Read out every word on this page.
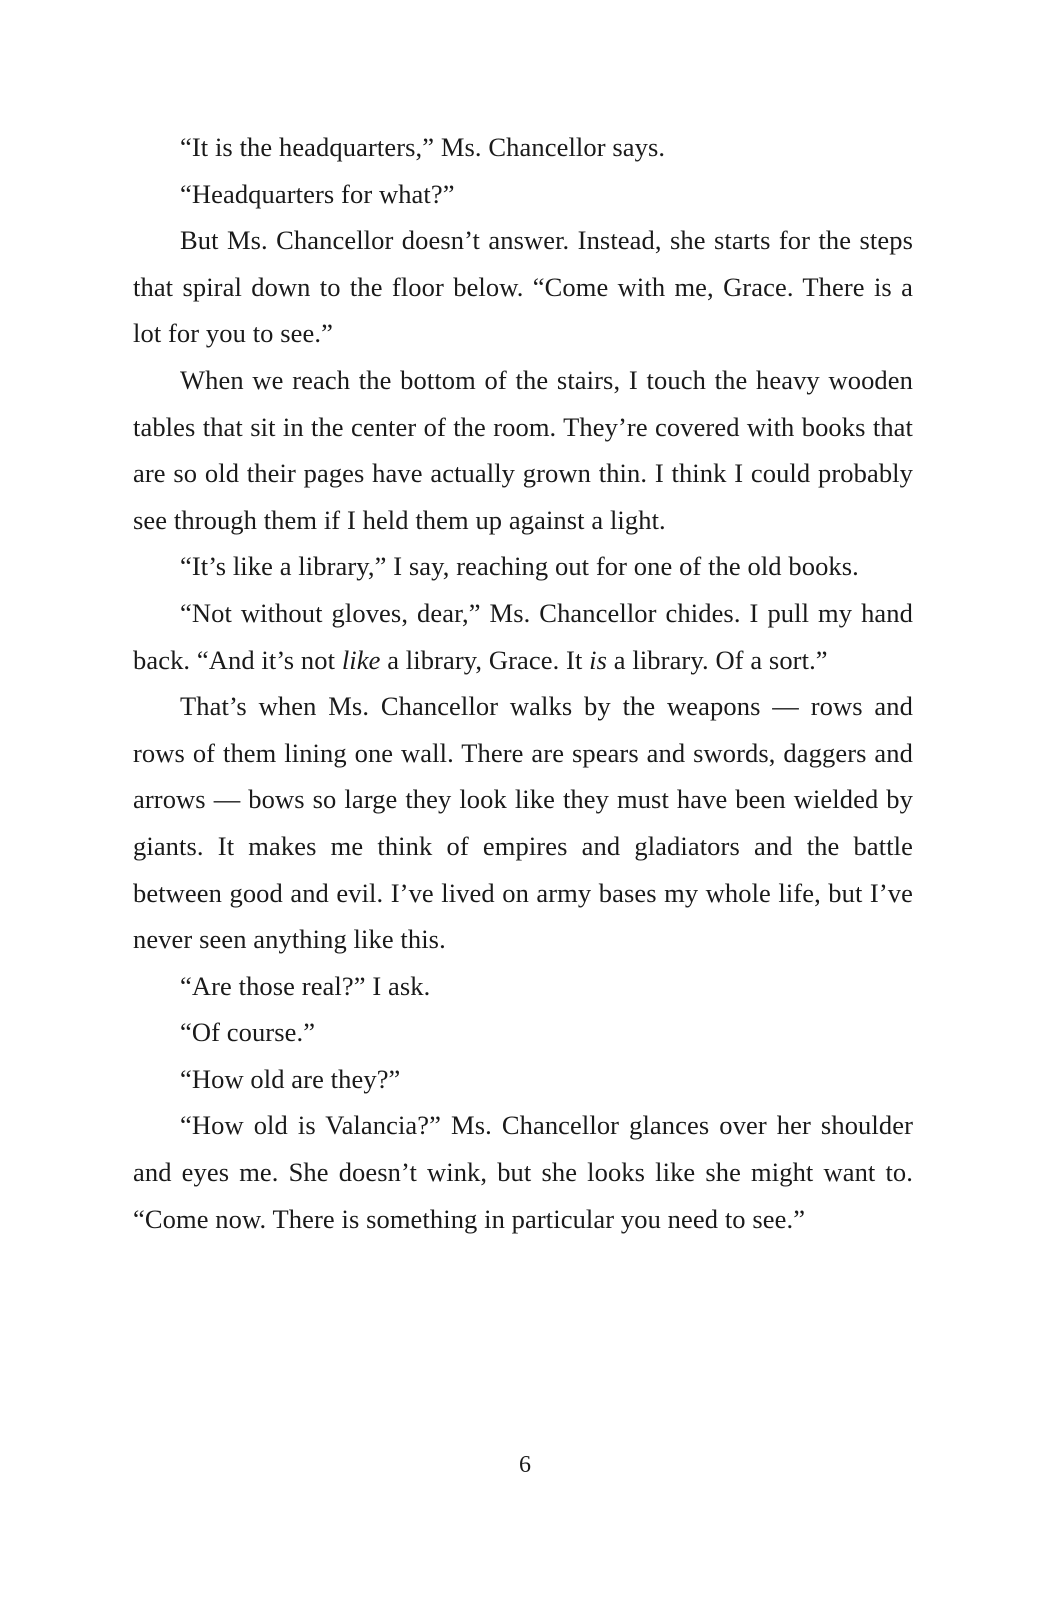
“It is the headquarters,” Ms. Chancellor says.

“Headquarters for what?”

But Ms. Chancellor doesn’t answer. Instead, she starts for the steps that spiral down to the floor below. “Come with me, Grace. There is a lot for you to see.”

When we reach the bottom of the stairs, I touch the heavy wooden tables that sit in the center of the room. They’re covered with books that are so old their pages have actually grown thin. I think I could probably see through them if I held them up against a light.

“It’s like a library,” I say, reaching out for one of the old books.

“Not without gloves, dear,” Ms. Chancellor chides. I pull my hand back. “And it’s not like a library, Grace. It is a library. Of a sort.”

That’s when Ms. Chancellor walks by the weapons — rows and rows of them lining one wall. There are spears and swords, daggers and arrows — bows so large they look like they must have been wielded by giants. It makes me think of empires and gladiators and the battle between good and evil. I’ve lived on army bases my whole life, but I’ve never seen anything like this.

“Are those real?” I ask.

“Of course.”

“How old are they?”

“How old is Valancia?” Ms. Chancellor glances over her shoulder and eyes me. She doesn’t wink, but she looks like she might want to. “Come now. There is something in particular you need to see.”

6
